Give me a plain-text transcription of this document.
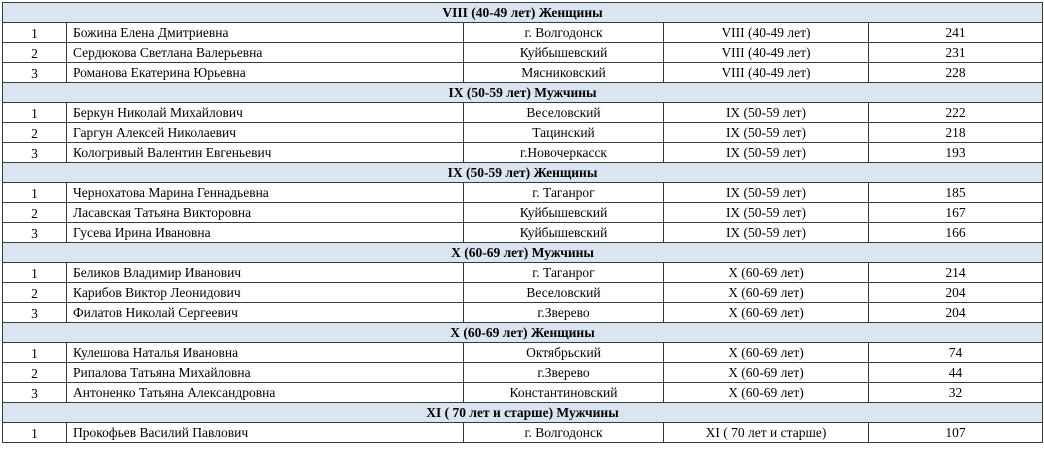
VIII (40-49 лет) Женщины				
1	Божина Елена Дмитриевна	г. Волгодонск	VIII (40-49 лет)	241
2	Сердюкова Светлана Валерьевна	Куйбышевский	VIII (40-49 лет)	231
3	Романова Екатерина Юрьевна	Мясниковский	VIII (40-49 лет)	228
IX (50-59 лет) Мужчины				
1	Беркун Николай Михайлович	Веселовский	IX (50-59 лет)	222
2	Гаргун Алексей Николаевич	Тацинский	IX (50-59 лет)	218
3	Кологривый Валентин Евгеньевич	г.Новочеркасск	IX (50-59 лет)	193
IX (50-59 лет) Женщины				
1	Чернохатова Марина Геннадьевна	г. Таганрог	IX (50-59 лет)	185
2	Ласавская Татьяна Викторовна	Куйбышевский	IX (50-59 лет)	167
3	Гусева Ирина Ивановна	Куйбышевский	IX (50-59 лет)	166
X (60-69 лет) Мужчины				
1	Беликов Владимир Иванович	г. Таганрог	X (60-69 лет)	214
2	Карибов Виктор Леонидович	Веселовский	X (60-69 лет)	204
3	Филатов Николай Сергеевич	г.Зверево	X (60-69 лет)	204
X (60-69 лет) Женщины				
1	Кулешова Наталья Ивановна	Октябрьский	X (60-69 лет)	74
2	Рипалова Татьяна Михайловна	г.Зверево	X (60-69 лет)	44
3	Антоненко Татьяна Александровна	Константиновский	X (60-69 лет)	32
XI ( 70 лет и старше) Мужчины				
1	Прокофьев Василий Павлович	г. Волгодонск	XI ( 70 лет и старше)	107
